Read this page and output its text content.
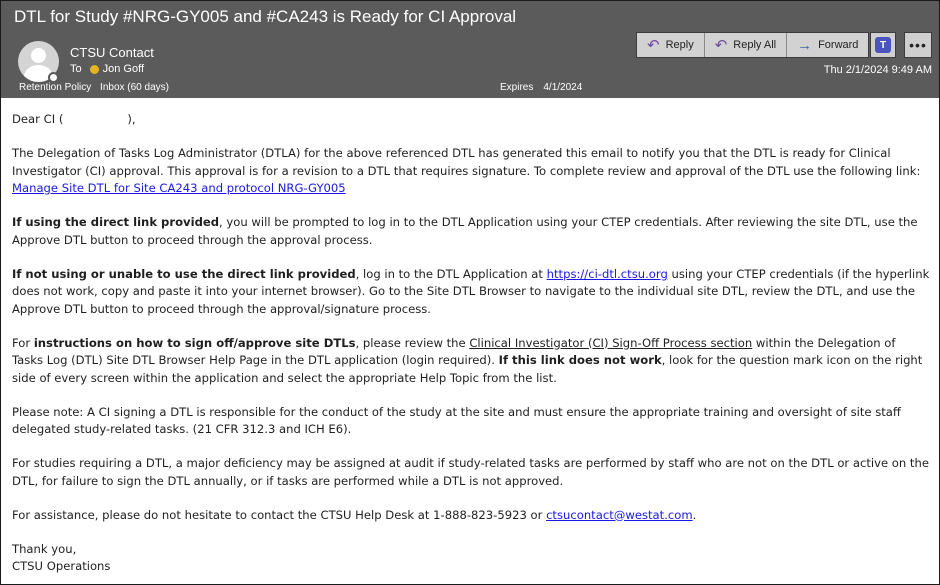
DTL for Study #NRG-GY005 and #CA243 is Ready for CI Approval
CTSU Contact
To Jon Goff
Retention Policy Inbox (60 days)	Expires 4/1/2024
↶ Reply ↶ Reply All → Forward	T	•••
Thu 2/1/2024 9:49 AM

Dear CI (	),

The Delegation of Tasks Log Administrator (DTLA) for the above referenced DTL has generated this email to notify you that the DTL is ready for Clinical Investigator (CI) approval. This approval is for a revision to a DTL that requires signature. To complete review and approval of the DTL use the following link: Manage Site DTL for Site CA243 and protocol NRG-GY005

If using the direct link provided, you will be prompted to log in to the DTL Application using your CTEP credentials. After reviewing the site DTL, use the Approve DTL button to proceed through the approval process.

If not using or unable to use the direct link provided, log in to the DTL Application at https://ci-dtl.ctsu.org using your CTEP credentials (if the hyperlink does not work, copy and paste it into your internet browser). Go to the Site DTL Browser to navigate to the individual site DTL, review the DTL, and use the Approve DTL button to proceed through the approval/signature process.

For instructions on how to sign off/approve site DTLs, please review the Clinical Investigator (CI) Sign-Off Process section within the Delegation of Tasks Log (DTL) Site DTL Browser Help Page in the DTL application (login required). If this link does not work, look for the question mark icon on the right side of every screen within the application and select the appropriate Help Topic from the list.

Please note: A CI signing a DTL is responsible for the conduct of the study at the site and must ensure the appropriate training and oversight of site staff delegated study-related tasks. (21 CFR 312.3 and ICH E6).

For studies requiring a DTL, a major deficiency may be assigned at audit if study-related tasks are performed by staff who are not on the DTL or active on the DTL, for failure to sign the DTL annually, or if tasks are performed while a DTL is not approved.

For assistance, please do not hesitate to contact the CTSU Help Desk at 1-888-823-5923 or ctsucontact@westat.com.

Thank you,

CTSU Operations
